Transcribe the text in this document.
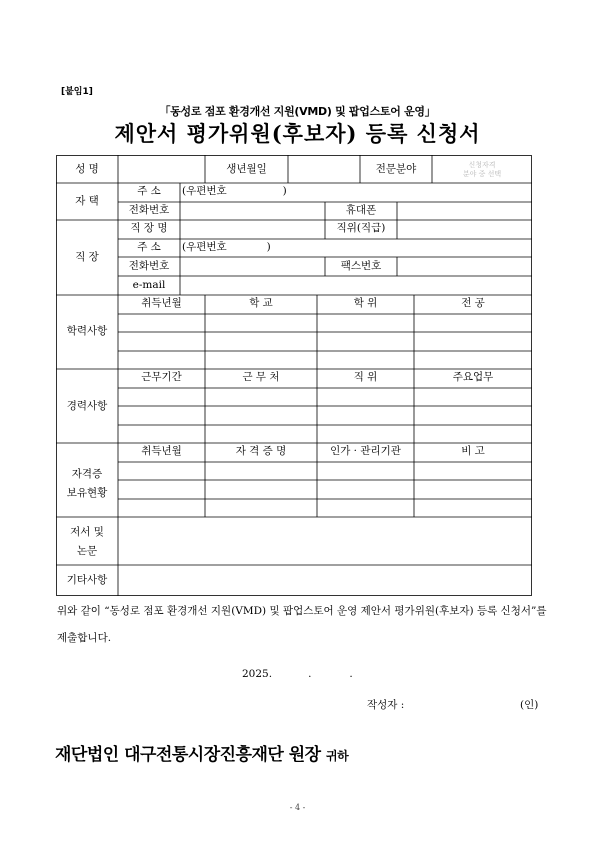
[붙임1]
「동성로 점포 환경개선 지원(VMD) 및 팝업스토어 운영」
제안서 평가위원(후보자) 등록 신청서
성 명	생년월일	전문분야	신청자격
분야 중 선택
자 택
주 소	(우편번호	)
전화번호	휴대폰
직 장
직 장 명	직위(직급)
주 소	(우편번호	)
전화번호	팩스번호
e-mail
학력사항
취득년월	학 교	학 위	전 공
경력사항
근무기간	근 무 처	직 위	주요업무
자격증
보유현황
취득년월	자 격 증 명	인가 · 관리기관	비 고
저서 및
논문
기타사항
위와 같이 “동성로 점포 환경개선 지원(VMD) 및 팝업스토어 운영 제안서 평가위원(후보자) 등록 신청서”를 제출합니다.
2025.	.	.
작성자 :	(인)
재단법인 대구전통시장진흥재단 원장 귀하
- 4 -
